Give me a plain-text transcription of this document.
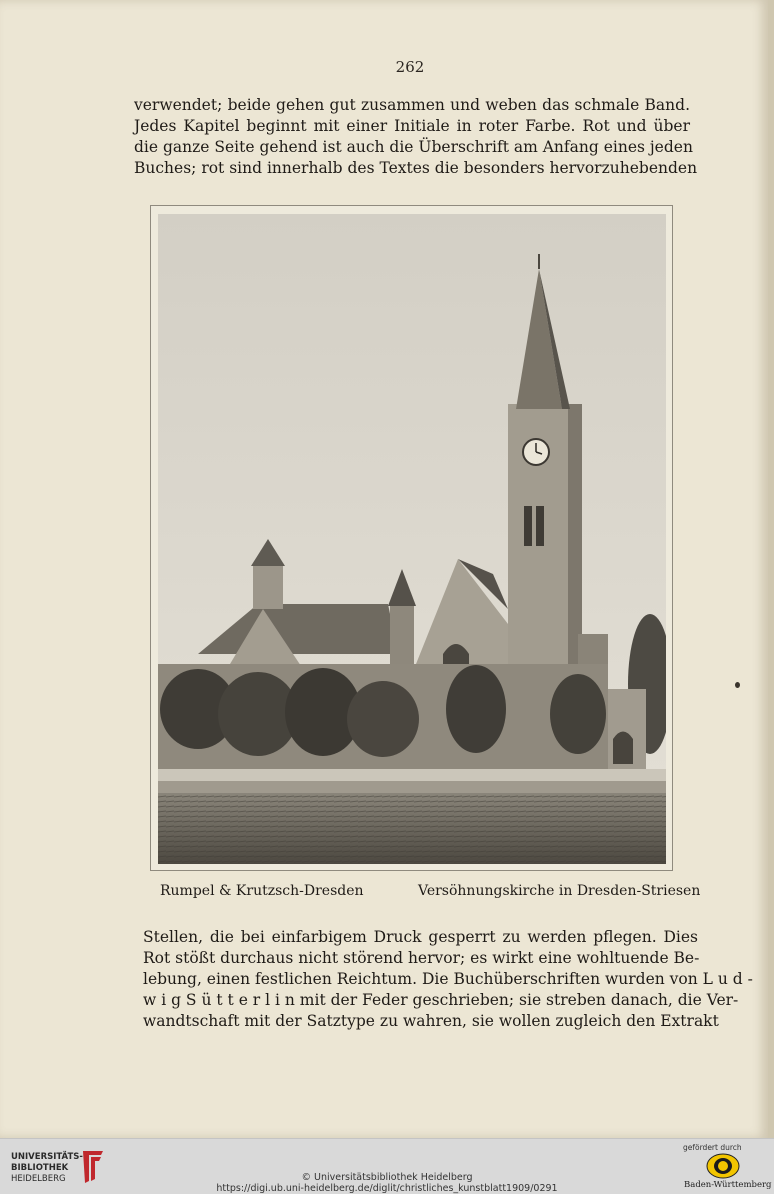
262
verwendet; beide gehen gut zusammen und weben das schmale Band.
Jedes Kapitel beginnt mit einer Initiale in roter Farbe. Rot und über
die ganze Seite gehend ist auch die Überschrift am Anfang eines jeden
Buches; rot sind innerhalb des Textes die besonders hervorzuhebenden
Rumpel & Krutzsch-Dresden	Versöhnungskirche in Dresden-Striesen
Stellen, die bei einfarbigem Druck gesperrt zu werden pflegen. Dies
Rot stößt durchaus nicht störend hervor; es wirkt eine wohltuende Be-
lebung, einen festlichen Reichtum. Die Buchüberschriften wurden von L u d -
w i g S ü t t e r l i n mit der Feder geschrieben; sie streben danach, die Ver-
wandtschaft mit der Satztype zu wahren, sie wollen zugleich den Extrakt
UNIVERSITÄTS-
BIBLIOTHEK
HEIDELBERG	© Universitätsbibliothek Heidelberg
https://digi.ub.uni-heidelberg.de/diglit/christliches_kunstblatt1909/0291
gefördert durch
Baden-Württemberg
